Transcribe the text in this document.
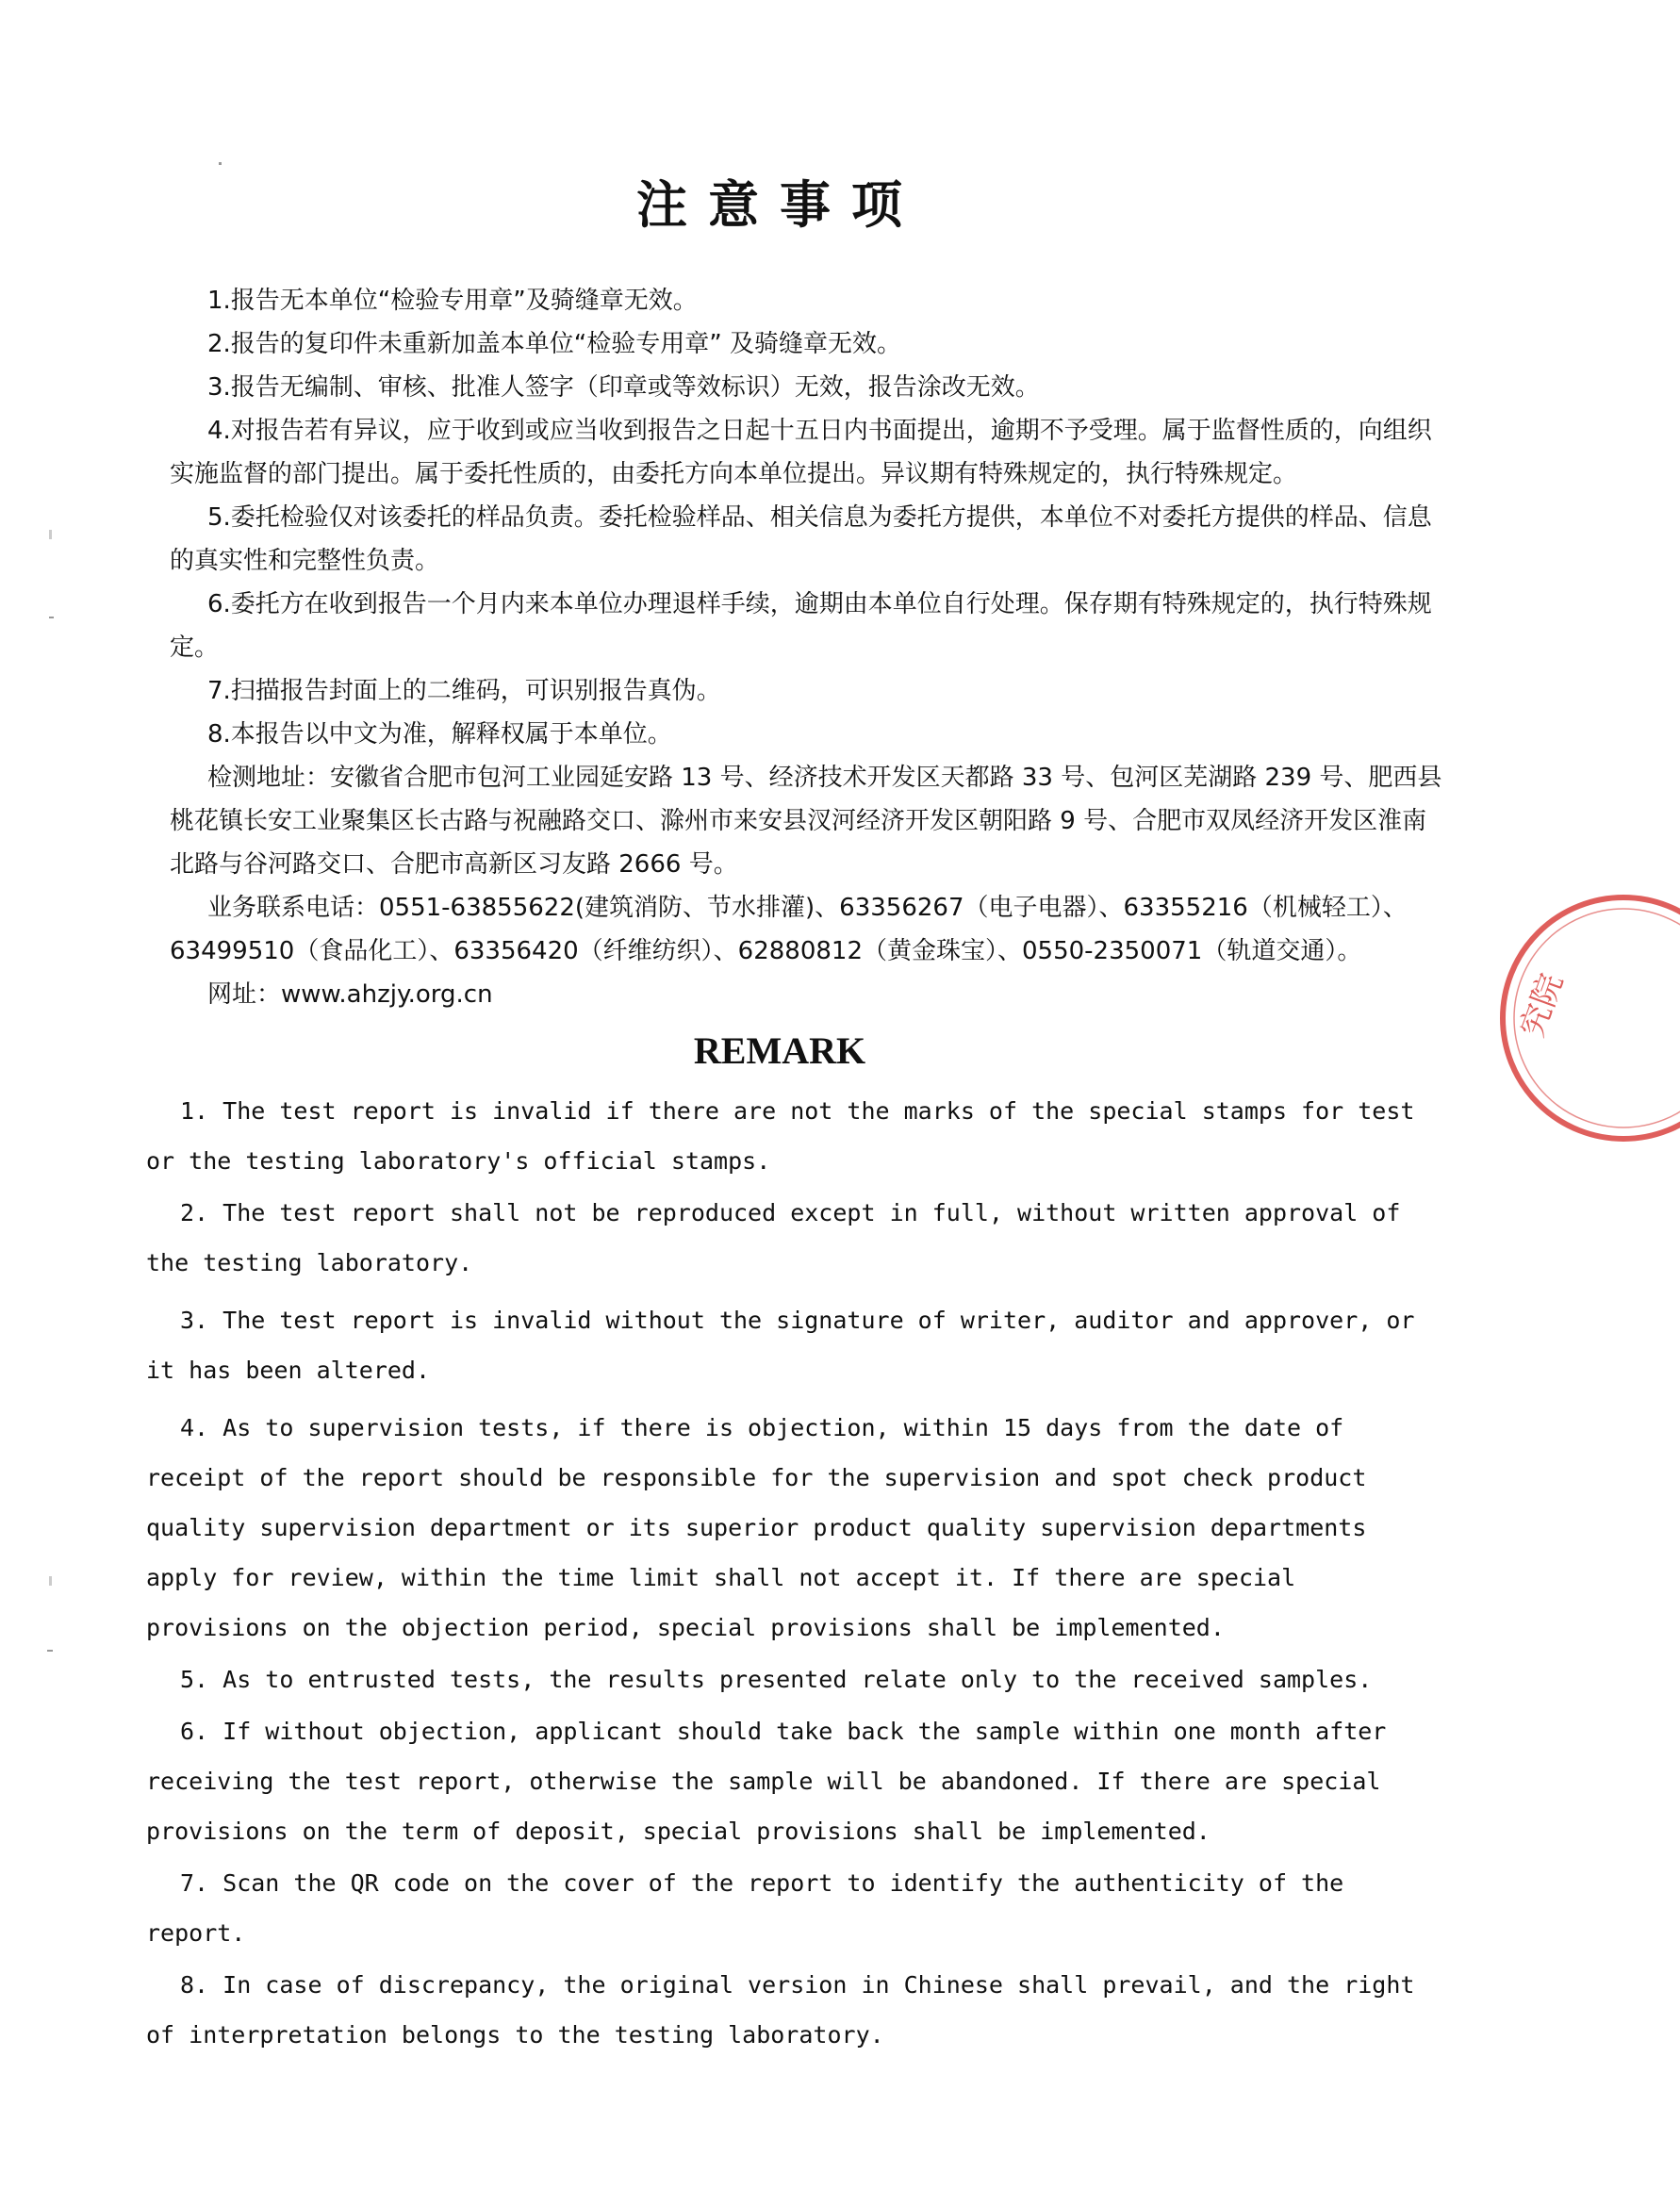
注意事项

1.报告无本单位“检验专用章”及骑缝章无效。

2.报告的复印件未重新加盖本单位“检验专用章” 及骑缝章无效。

3.报告无编制、审核、批准人签字（印章或等效标识）无效，报告涂改无效。

4.对报告若有异议，应于收到或应当收到报告之日起十五日内书面提出，逾期不予受理。属于监督性质的，向组织实施监督的部门提出。属于委托性质的，由委托方向本单位提出。异议期有特殊规定的，执行特殊规定。

5.委托检验仅对该委托的样品负责。委托检验样品、相关信息为委托方提供，本单位不对委托方提供的样品、信息的真实性和完整性负责。

6.委托方在收到报告一个月内来本单位办理退样手续，逾期由本单位自行处理。保存期有特殊规定的，执行特殊规定。

7.扫描报告封面上的二维码，可识别报告真伪。

8.本报告以中文为准，解释权属于本单位。

检测地址：安徽省合肥市包河工业园延安路 13 号、经济技术开发区天都路 33 号、包河区芜湖路 239 号、肥西县桃花镇长安工业聚集区长古路与祝融路交口、滁州市来安县汊河经济开发区朝阳路 9 号、合肥市双凤经济开发区淮南北路与谷河路交口、合肥市高新区习友路 2666 号。

业务联系电话：0551-63855622(建筑消防、节水排灌)、63356267（电子电器）、63355216（机械轻工）、63499510（食品化工）、63356420（纤维纺织）、62880812（黄金珠宝）、0550-2350071（轨道交通）。

网址：www.ahzjy.org.cn

REMARK

1. The test report is invalid if there are not the marks of the special stamps for test or the testing laboratory's official stamps.

2. The test report shall not be reproduced except in full, without written approval of the testing laboratory.

3. The test report is invalid without the signature of writer, auditor and approver, or it has been altered.

4. As to supervision tests, if there is objection, within 15 days from the date of receipt of the report should be responsible for the supervision and spot check product quality supervision department or its superior product quality supervision departments apply for review, within the time limit shall not accept it. If there are special provisions on the objection period, special provisions shall be implemented.

5. As to entrusted tests, the results presented relate only to the received samples.

6. If without objection, applicant should take back the sample within one month after receiving the test report, otherwise the sample will be abandoned. If there are special provisions on the term of deposit, special provisions shall be implemented.

7. Scan the QR code on the cover of the report to identify the authenticity of the report.

8. In case of discrepancy, the original version in Chinese shall prevail, and the right of interpretation belongs to the testing laboratory.

究院
